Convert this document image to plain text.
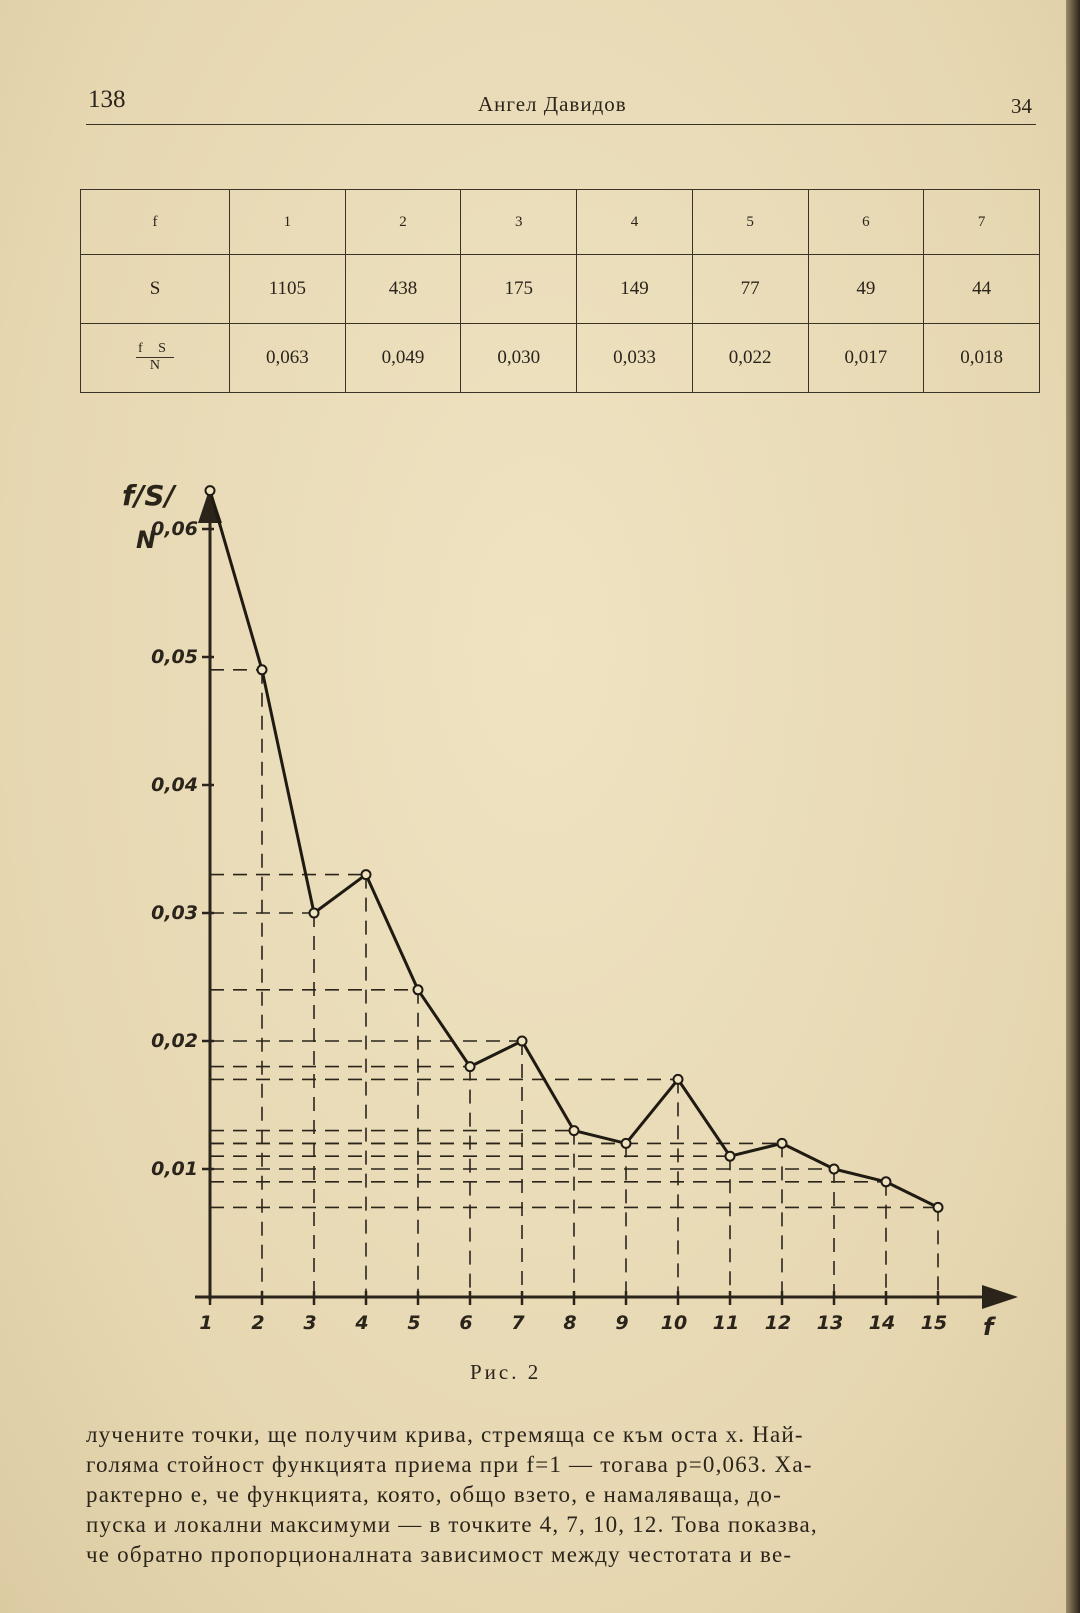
138	Ангел Давидов	34
f	1	2	3	4	5	6	7
S	1105	438	175	149	77	49	44

$\frac{\text{f S}}{N}$	0,063	0,049	0,030	0,033	0,022	0,017	0,018
f/S/
N
f
0,01
0,02
0,03
0,04
0,05
0,06
1 2 3 4 5 6 7 8 9 10 11 12 13 14 15
Рис. 2

лучените точки, ще получим крива, стремяща се към оста x. Най-

голяма стойност функцията приема при f=1 — тогава p=0,063. Ха-

рактерно е, че функцията, която, общо взето, е намаляваща, до-

пуска и локални максимуми — в точките 4, 7, 10, 12. Това показва,

че обратно пропорционалната зависимост между честотата и ве-
